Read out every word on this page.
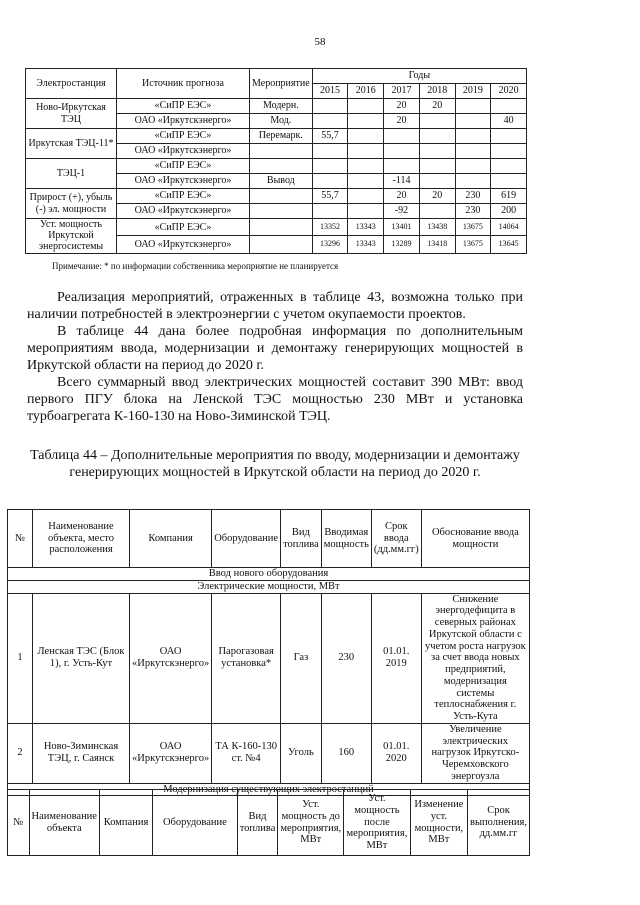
58
Электростанция	Источник прогноза	Мероприятие	Годы					
			2015	2016	2017	2018	2019	2020
Ново-Иркутская ТЭЦ	«СиПР ЕЭС»	Модерн.			20	20		
	ОАО «Иркутскэнерго»	Мод.			20			40
Иркутская ТЭЦ-11*	«СиПР ЕЭС»	Перемарк.	55,7					
	ОАО «Иркутскэнерго»							
ТЭЦ-1	«СиПР ЕЭС»							
	ОАО «Иркутскэнерго»	Вывод			-114			
Прирост (+), убыль (-) эл. мощности	«СиПР ЕЭС»		55,7		20	20	230	619
	ОАО «Иркутскэнерго»				-92		230	200
Уст. мощность Иркутской энергосистемы	«СиПР ЕЭС»		13352	13343	13401	13438	13675	14064
	ОАО «Иркутскэнерго»		13296	13343	13289	13418	13675	13645
Примечание: * по информации собственника мероприятие не планируется

Реализация мероприятий, отраженных в таблице 43, возможна только при наличии потребностей в электроэнергии с учетом окупаемости проектов.

В таблице 44 дана более подробная информация по дополнительным мероприятиям ввода, модернизации и демонтажу генерирующих мощностей в Иркутской области на период до 2020 г.

Всего суммарный ввод электрических мощностей составит 390 МВт: ввод первого ПГУ блока на Ленской ТЭС мощностью 230 МВт и установка турбоагрегата К-160-130 на Ново-Зиминской ТЭЦ.

Таблица 44 – Дополнительные мероприятия по вводу, модернизации и демонтажу генерирующих мощностей в Иркутской области на период до 2020 г.
№	Наименование объекта, место расположения	Компания	Оборудование	Вид топлива	Вводимая мощность	Срок ввода (дд.мм.гг)	Обоснование ввода мощности
Ввод нового оборудования							
Электрические мощности, МВт							
1	Ленская ТЭС (Блок 1), г. Усть-Кут	ОАО «Иркутскэнерго»	Парогазовая установка*	Газ	230	01.01. 2019	Снижение энергодефицита в северных районах Иркутской области с учетом роста нагрузок за счет ввода новых предприятий, модернизация системы теплоснабжения г. Усть-Кута
2	Ново-Зиминская ТЭЦ, г. Саянск	ОАО «Иркутскэнерго»	ТА К-160-130 ст. №4	Уголь	160	01.01. 2020	Увеличение электрических нагрузок Иркутско-Черемховского энергоузла
Модернизация существующих электростанций							
№	Наименование объекта	Компания	Оборудование	Вид топлива	Уст. мощность до мероприятия, МВт	Уст. мощность после мероприятия, МВт	Изменение уст. мощности, МВт	Срок выполнения, дд.мм.гг
